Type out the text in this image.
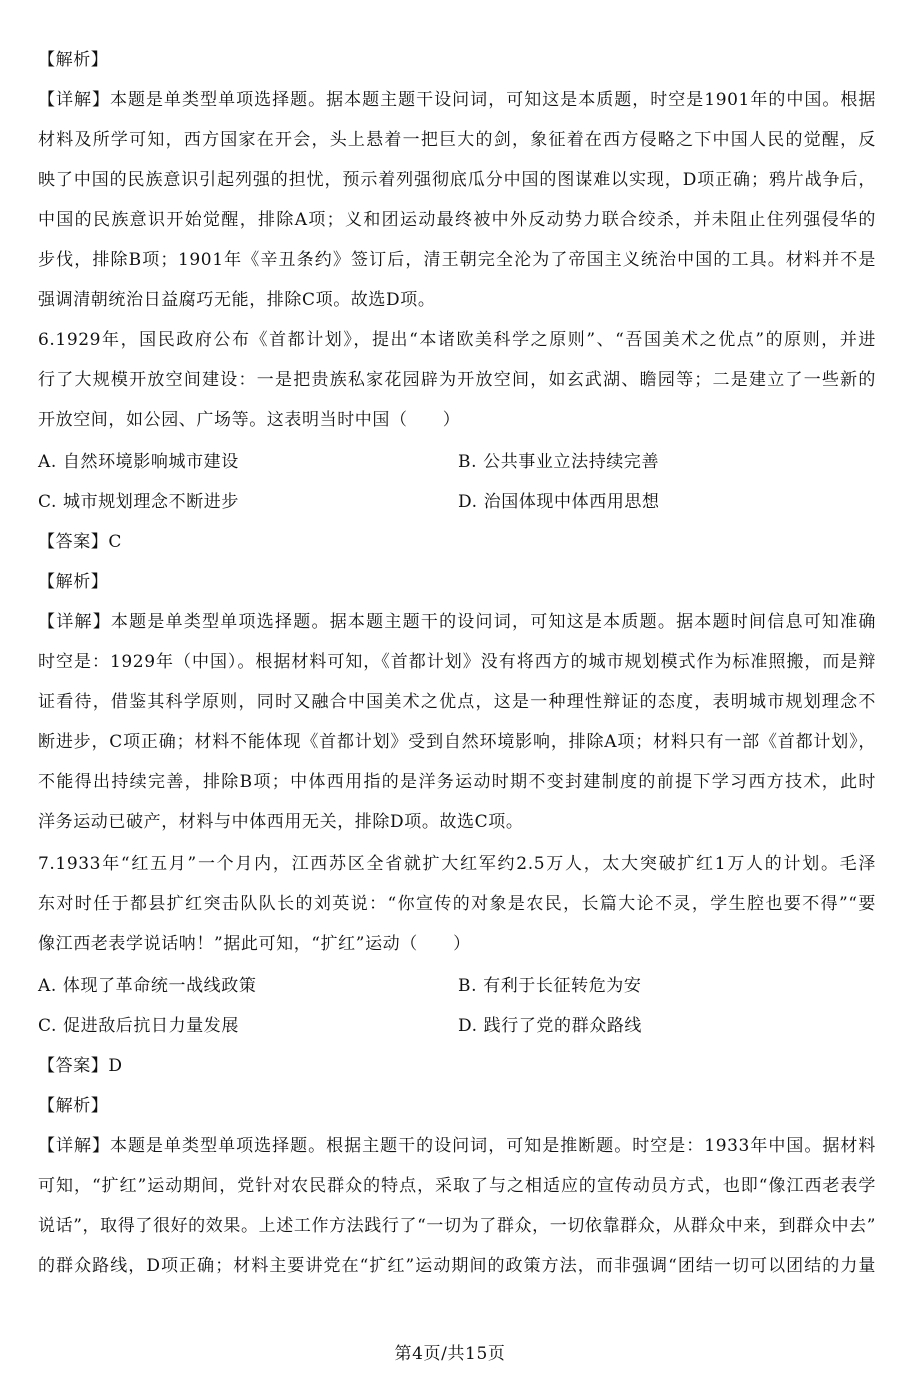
【解析】
【详解】本题是单类型单项选择题。据本题主题干设问词，可知这是本质题，时空是1901年的中国。根据
材料及所学可知，西方国家在开会，头上悬着一把巨大的剑，象征着在西方侵略之下中国人民的觉醒，反
映了中国的民族意识引起列强的担忧，预示着列强彻底瓜分中国的图谋难以实现，D项正确；鸦片战争后，
中国的民族意识开始觉醒，排除A项；义和团运动最终被中外反动势力联合绞杀，并未阻止住列强侵华的
步伐，排除B项；1901年《辛丑条约》签订后，清王朝完全沦为了帝国主义统治中国的工具。材料并不是
强调清朝统治日益腐巧无能，排除C项。故选D项。
6.1929年，国民政府公布《首都计划》，提出“本诸欧美科学之原则”、“吾国美术之优点”的原则，并进
行了大规模开放空间建设：一是把贵族私家花园辟为开放空间，如玄武湖、瞻园等；二是建立了一些新的
开放空间，如公园、广场等。这表明当时中国（　　）
A. 自然环境影响城市建设	B. 公共事业立法持续完善
C. 城市规划理念不断进步	D. 治国体现中体西用思想
【答案】C
【解析】
【详解】本题是单类型单项选择题。据本题主题干的设问词，可知这是本质题。据本题时间信息可知准确
时空是：1929年（中国）。根据材料可知，《首都计划》没有将西方的城市规划模式作为标准照搬，而是辩
证看待，借鉴其科学原则，同时又融合中国美术之优点，这是一种理性辩证的态度，表明城市规划理念不
断进步，C项正确；材料不能体现《首都计划》受到自然环境影响，排除A项；材料只有一部《首都计划》，
不能得出持续完善，排除B项；中体西用指的是洋务运动时期不变封建制度的前提下学习西方技术，此时
洋务运动已破产，材料与中体西用无关，排除D项。故选C项。
7.1933年“红五月”一个月内，江西苏区全省就扩大红军约2.5万人，太大突破扩红1万人的计划。毛泽
东对时任于都县扩红突击队队长的刘英说：“你宣传的对象是农民，长篇大论不灵，学生腔也要不得”“要
像江西老表学说话呐！”据此可知，“扩红”运动（　　）
A. 体现了革命统一战线政策	B. 有利于长征转危为安
C. 促进敌后抗日力量发展	D. 践行了党的群众路线
【答案】D
【解析】
【详解】本题是单类型单项选择题。根据主题干的设问词，可知是推断题。时空是：1933年中国。据材料
可知，“扩红”运动期间，党针对农民群众的特点，采取了与之相适应的宣传动员方式，也即“像江西老表学
说话”，取得了很好的效果。上述工作方法践行了“一切为了群众，一切依靠群众，从群众中来，到群众中去”
的群众路线，D项正确；材料主要讲党在“扩红”运动期间的政策方法，而非强调“团结一切可以团结的力量
第4页/共15页
